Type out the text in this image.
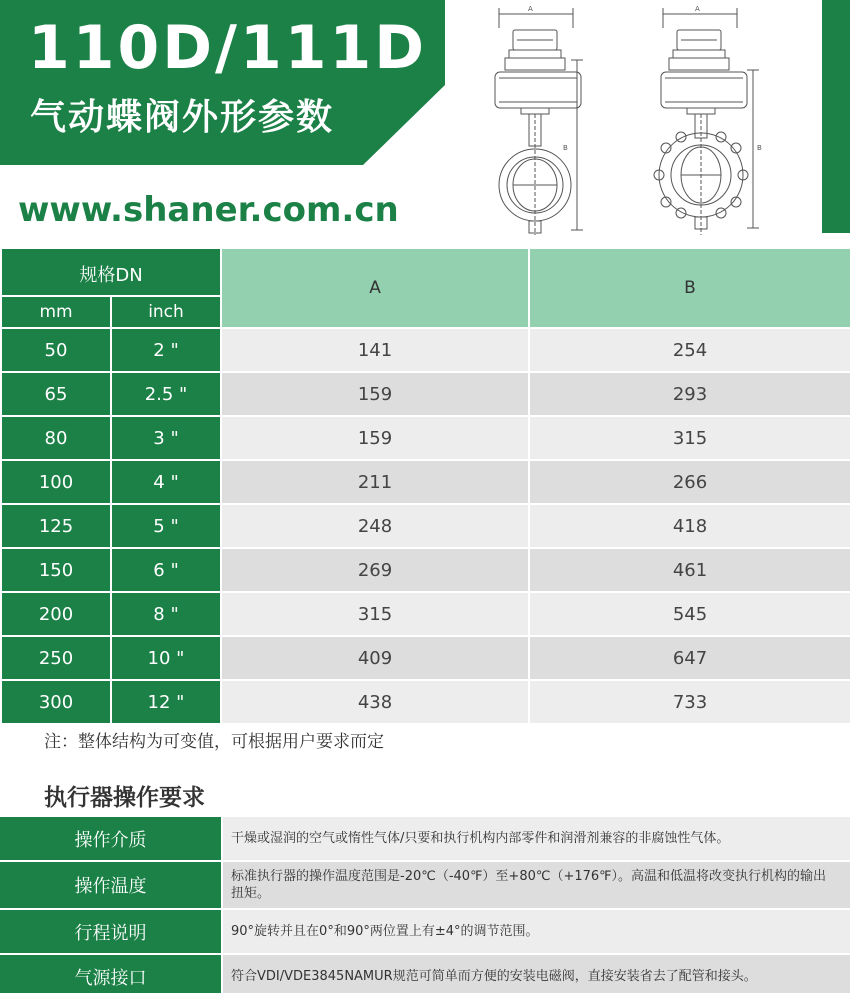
110D/111D
气动蝶阀外形参数
www.shaner.com.cn
A
B
A
B
规格DN		A	B
mm	inch		
50	2 "	141	254
65	2.5 "	159	293
80	3 "	159	315
100	4 "	211	266
125	5 "	248	418
150	6 "	269	461
200	8 "	315	545
250	10 "	409	647
300	12 "	438	733
注：整体结构为可变值，可根据用户要求而定
执行器操作要求
操作介质	干燥或湿润的空气或惰性气体/只要和执行机构内部零件和润滑剂兼容的非腐蚀性气体。
操作温度	标准执行器的操作温度范围是-20℃（-40℉）至+80℃（+176℉）。高温和低温将改变执行机构的输出扭矩。
行程说明	90°旋转并且在0°和90°两位置上有±4°的调节范围。
气源接口	符合VDI/VDE3845NAMUR规范可简单而方便的安装电磁阀，直接安装省去了配管和接头。
